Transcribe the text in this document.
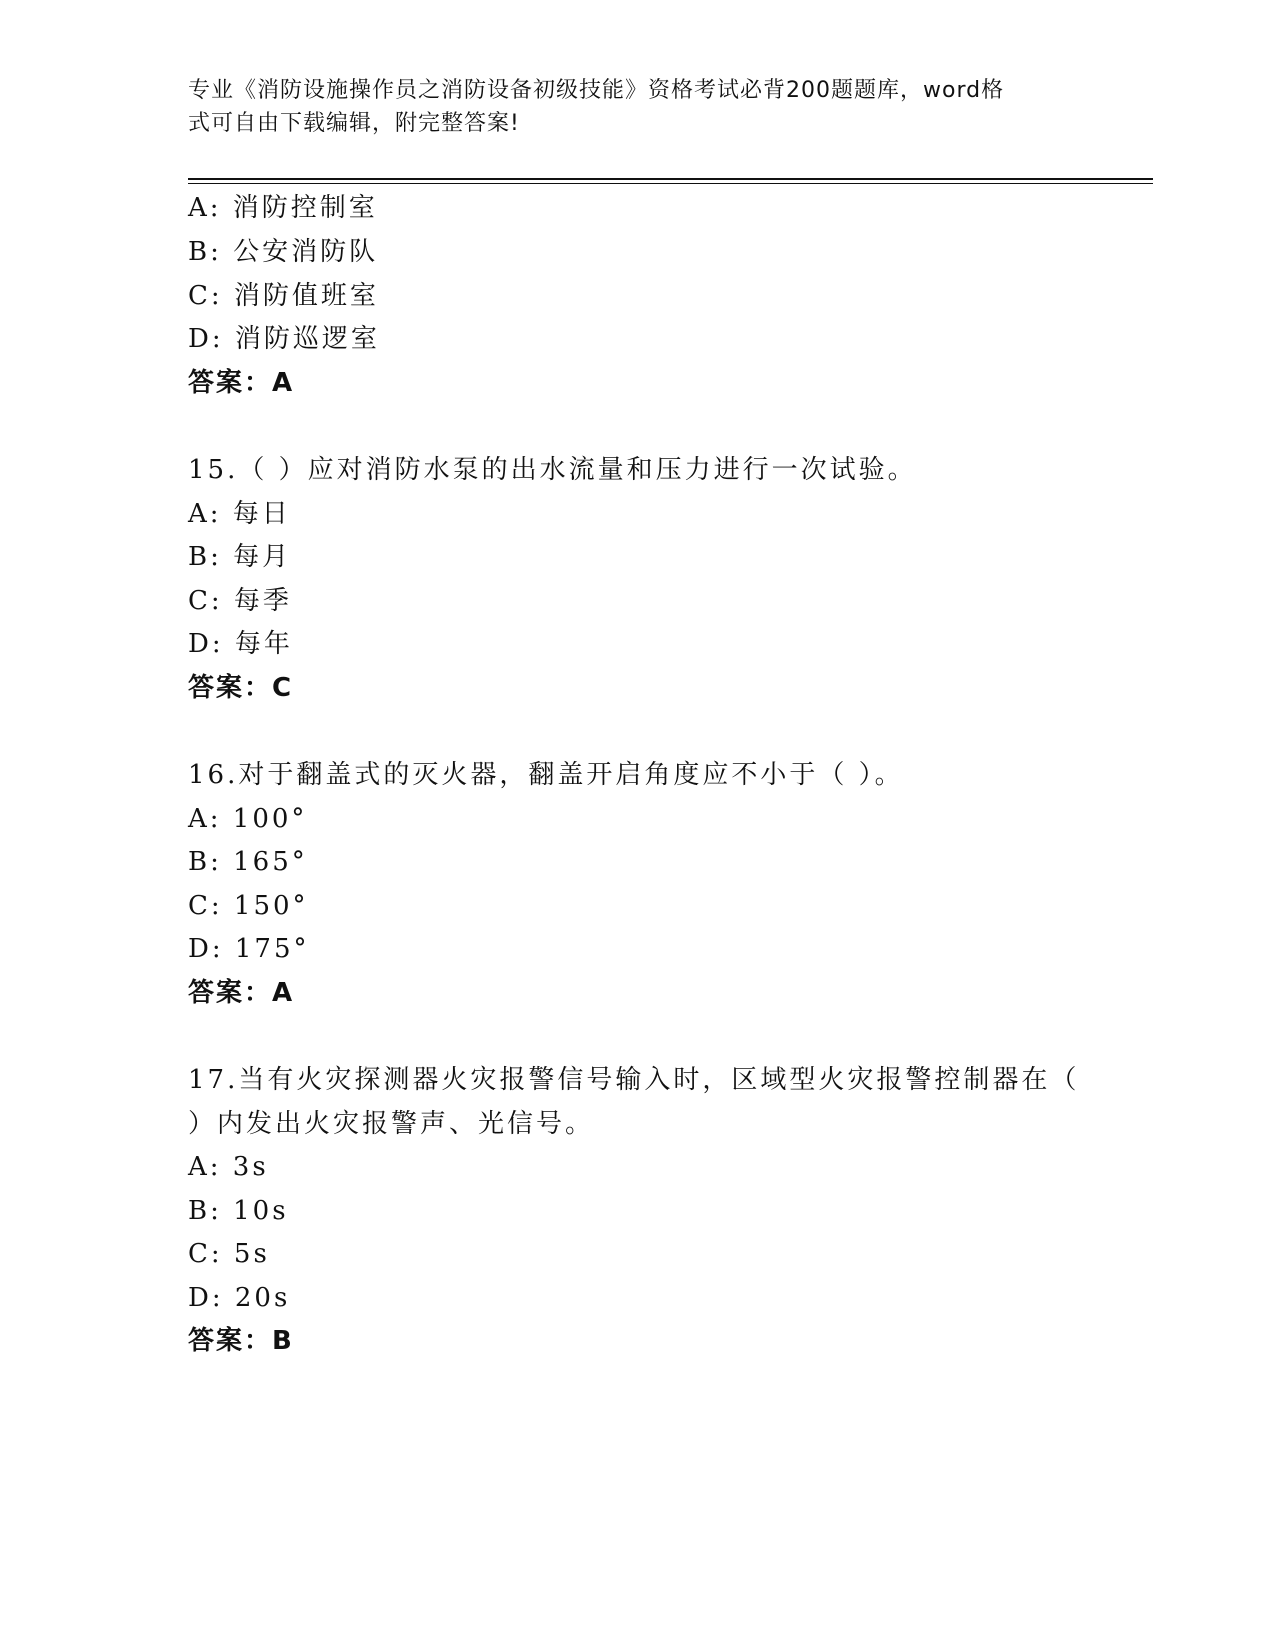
专业《消防设施操作员之消防设备初级技能》资格考试必背200题题库，word格
式可自由下载编辑，附完整答案!
A: 消防控制室
B: 公安消防队
C: 消防值班室
D: 消防巡逻室
答案：A
15.（ ）应对消防水泵的出水流量和压力进行一次试验。
A: 每日
B: 每月
C: 每季
D: 每年
答案：C
16.对于翻盖式的灭火器，翻盖开启角度应不小于（ ）。
A: 100°
B: 165°
C: 150°
D: 175°
答案：A
17.当有火灾探测器火灾报警信号输入时，区域型火灾报警控制器在（
）内发出火灾报警声、光信号。
A: 3s
B: 10s
C: 5s
D: 20s
答案：B
